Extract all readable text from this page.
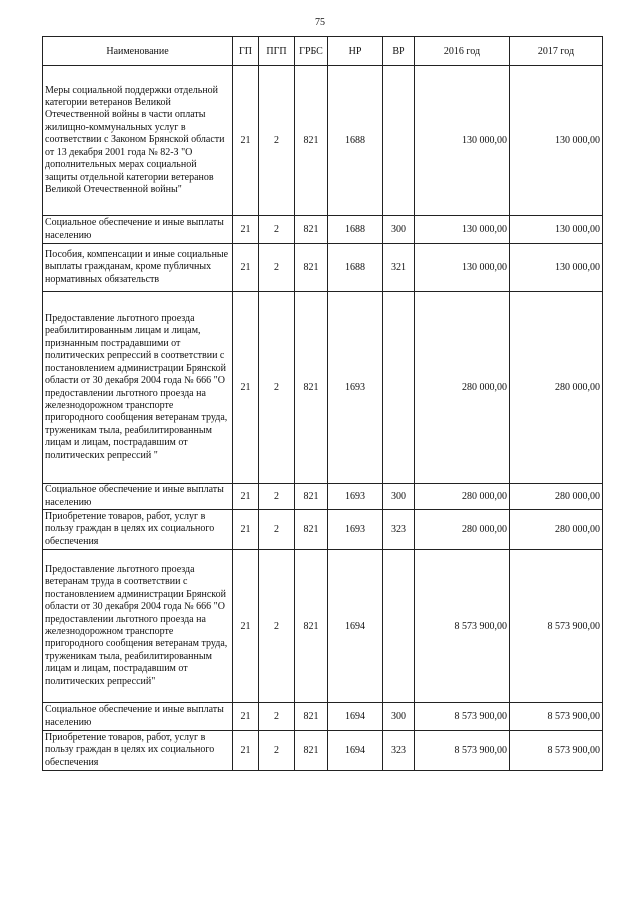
75
Наименование	ГП	ПГП	ГРБС	НР	ВР	2016 год	2017 год
Меры социальной поддержки отдельной категории ветеранов Великой Отечественной войны в части оплаты жилищно-коммунальных услуг в соответствии с Законом Брянской области от 13 декабря 2001 года № 82-З "О дополнительных мерах социальной защиты отдельной категории ветеранов Великой Отечественной войны"	21	2	821	1688		130 000,00	130 000,00
Социальное обеспечение и иные выплаты населению	21	2	821	1688	300	130 000,00	130 000,00
Пособия, компенсации и иные социальные выплаты гражданам, кроме публичных нормативных обязательств	21	2	821	1688	321	130 000,00	130 000,00
Предоставление льготного проезда реабилитированным лицам и лицам, признанным пострадавшими от политических репрессий в соответствии с постановлением администрации Брянской области от 30 декабря 2004 года № 666 "О предоставлении льготного проезда на железнодорожном транспорте пригородного сообщения ветеранам труда, труженикам тыла, реабилитированным лицам и лицам, пострадавшим от политических репрессий "	21	2	821	1693		280 000,00	280 000,00
Социальное обеспечение и иные выплаты населению	21	2	821	1693	300	280 000,00	280 000,00
Приобретение товаров, работ, услуг в пользу граждан в целях их социального обеспечения	21	2	821	1693	323	280 000,00	280 000,00
Предоставление льготного проезда ветеранам труда в соответствии с постановлением администрации Брянской области от 30 декабря 2004 года № 666 "О предоставлении льготного проезда на железнодорожном транспорте пригородного сообщения ветеранам труда, труженикам тыла, реабилитированным лицам и лицам, пострадавшим от политических репрессий"	21	2	821	1694		8 573 900,00	8 573 900,00
Социальное обеспечение и иные выплаты населению	21	2	821	1694	300	8 573 900,00	8 573 900,00
Приобретение товаров, работ, услуг в пользу граждан в целях их социального обеспечения	21	2	821	1694	323	8 573 900,00	8 573 900,00
